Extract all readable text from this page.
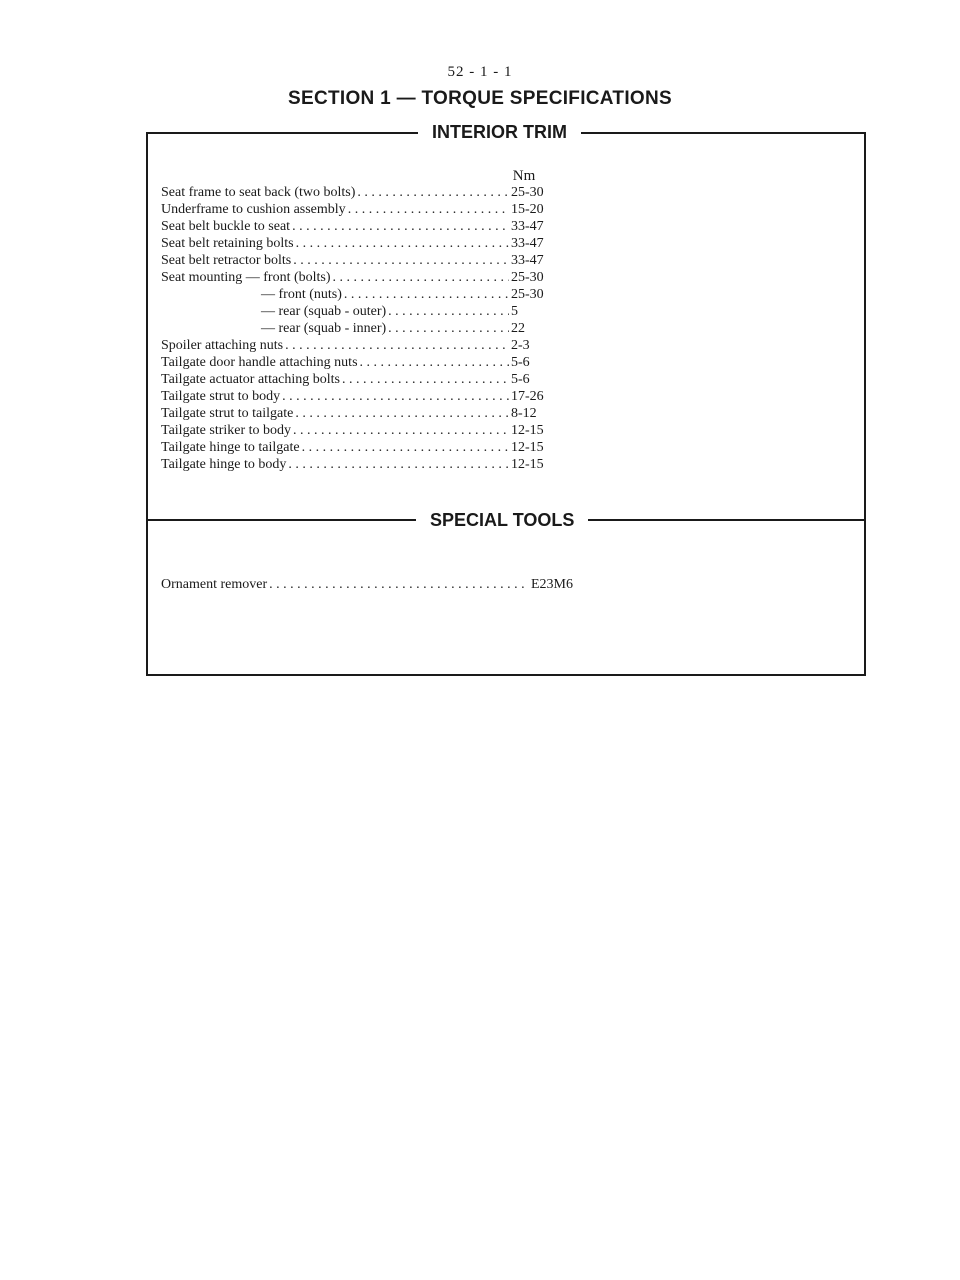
52 - 1 - 1
SECTION 1 — TORQUE SPECIFICATIONS
INTERIOR TRIM
Nm
Seat frame to seat back (two bolts) . . .	25-30
Underframe to cushion assembly . . .	15-20
Seat belt buckle to seat . . .	33-47
Seat belt retaining bolts . . .	33-47
Seat belt retractor bolts . . .	33-47
Seat mounting — front (bolts) . . .	25-30
— front (nuts) . . .	25-30
— rear (squab - outer) . . .	5
— rear (squab - inner) . . .	22
Spoiler attaching nuts . . .	2-3
Tailgate door handle attaching nuts . . .	5-6
Tailgate actuator attaching bolts . . .	5-6
Tailgate strut to body . . .	17-26
Tailgate strut to tailgate . . .	8-12
Tailgate striker to body . . .	12-15
Tailgate hinge to tailgate . . .	12-15
Tailgate hinge to body . . .	12-15
SPECIAL TOOLS
Ornament remover . . .	E23M6
